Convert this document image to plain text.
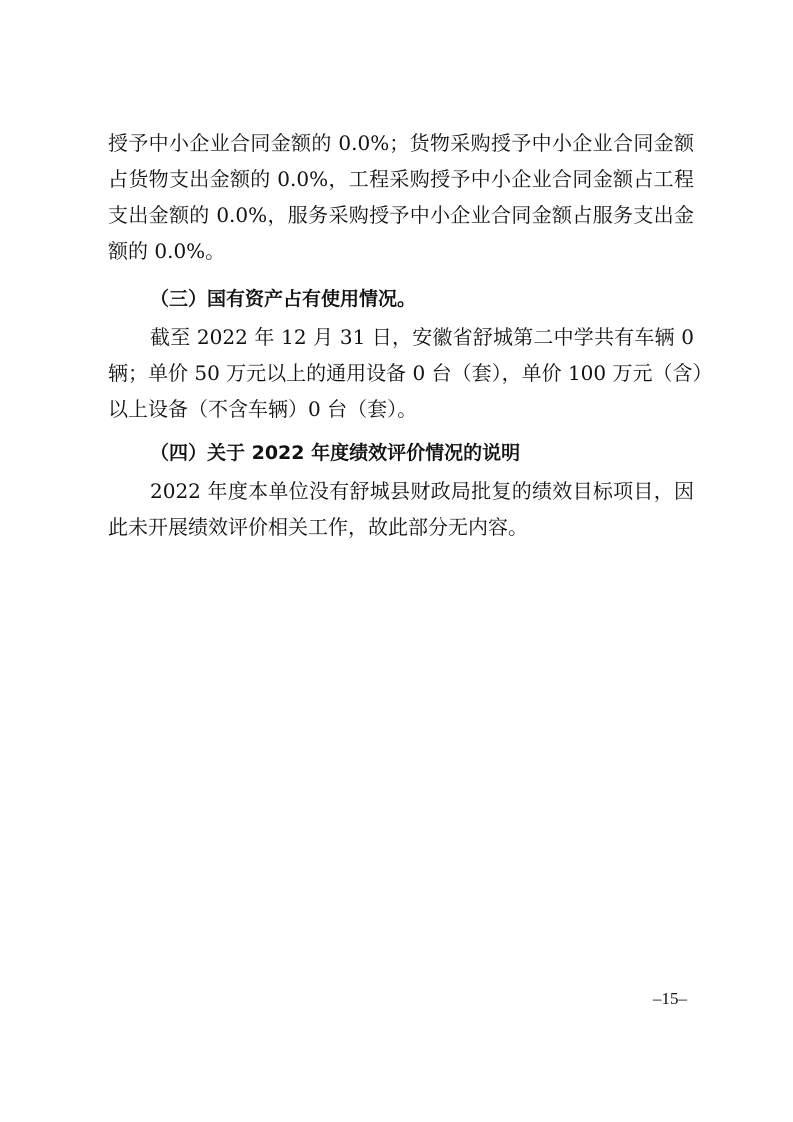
授予中小企业合同金额的 0.0%；货物采购授予中小企业合同金额
占货物支出金额的 0.0%，工程采购授予中小企业合同金额占工程
支出金额的 0.0%，服务采购授予中小企业合同金额占服务支出金
额的 0.0%。
（三）国有资产占有使用情况。
截至 2022 年 12 月 31 日，安徽省舒城第二中学共有车辆 0
辆；单价 50 万元以上的通用设备 0 台（套），单价 100 万元（含）
以上设备（不含车辆）0 台（套）。
（四）关于 2022 年度绩效评价情况的说明
2022 年度本单位没有舒城县财政局批复的绩效目标项目，因
此未开展绩效评价相关工作，故此部分无内容。
–15–
